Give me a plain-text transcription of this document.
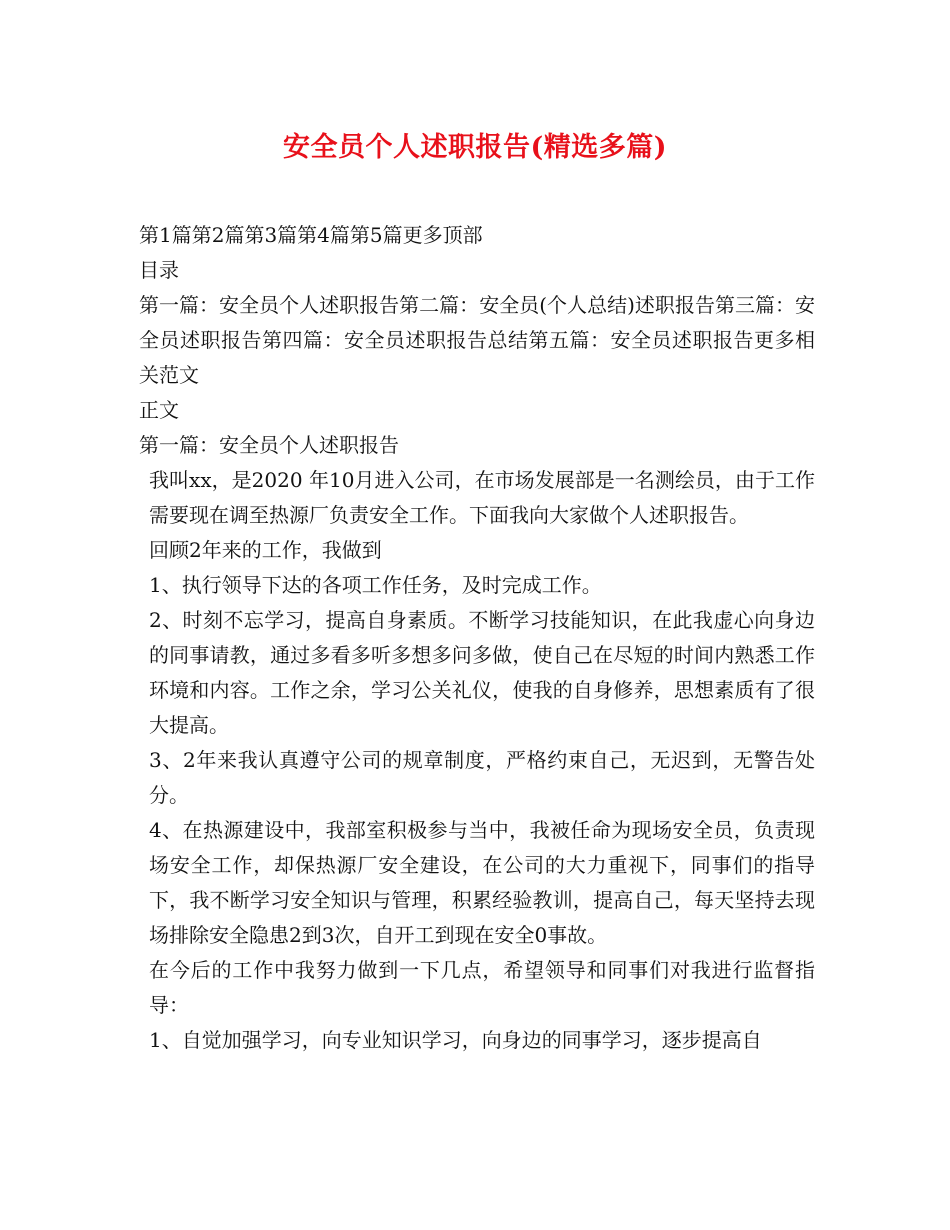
安全员个人述职报告(精选多篇)

第1篇第2篇第3篇第4篇第5篇更多顶部

目录

第一篇：安全员个人述职报告第二篇：安全员(个人总结)述职报告第三篇：安全员述职报告第四篇：安全员述职报告总结第五篇：安全员述职报告更多相关范文

正文

第一篇：安全员个人述职报告

我叫xx，是2020 年10月进入公司，在市场发展部是一名测绘员，由于工作需要现在调至热源厂负责安全工作。下面我向大家做个人述职报告。

回顾2年来的工作，我做到

1、执行领导下达的各项工作任务，及时完成工作。

2、时刻不忘学习，提高自身素质。不断学习技能知识，在此我虚心向身边的同事请教，通过多看多听多想多问多做，使自己在尽短的时间内熟悉工作环境和内容。工作之余，学习公关礼仪，使我的自身修养，思想素质有了很大提高。

3、2年来我认真遵守公司的规章制度，严格约束自己，无迟到，无警告处分。

4、在热源建设中，我部室积极参与当中，我被任命为现场安全员，负责现场安全工作，却保热源厂安全建设，在公司的大力重视下，同事们的指导下，我不断学习安全知识与管理，积累经验教训，提高自己，每天坚持去现场排除安全隐患2到3次，自开工到现在安全0事故。

在今后的工作中我努力做到一下几点，希望领导和同事们对我进行监督指导：

1、自觉加强学习，向专业知识学习，向身边的同事学习，逐步提高自
